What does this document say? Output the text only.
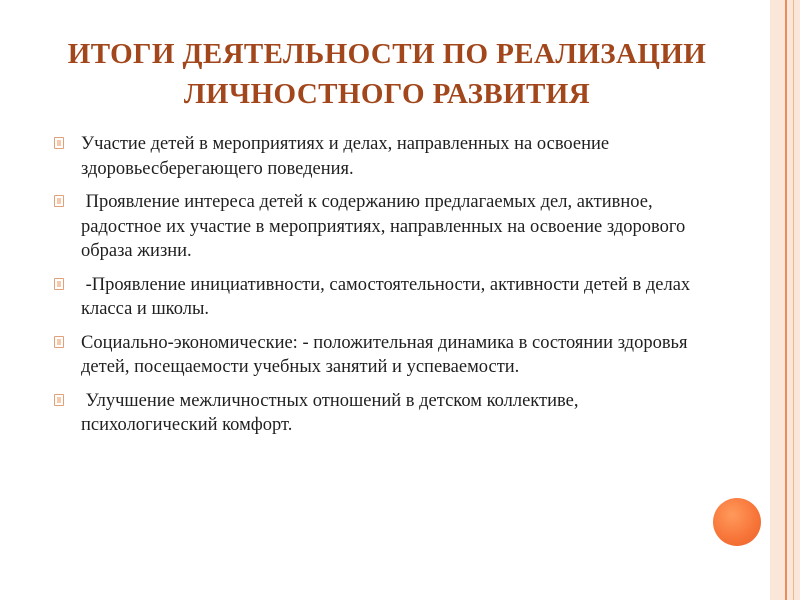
ИТОГИ ДЕЯТЕЛЬНОСТИ ПО РЕАЛИЗАЦИИ ЛИЧНОСТНОГО РАЗВИТИЯ
Участие детей в мероприятиях и делах, направленных на освоение здоровьесберегающего поведения.
Проявление интереса детей к содержанию предлагаемых дел, активное, радостное их участие в мероприятиях, направленных на освоение здорового образа жизни.
-Проявление инициативности, самостоятельности, активности детей в делах  класса и школы.
Социально-экономические: - положительная динамика в состоянии здоровья детей, посещаемости учебных занятий и успеваемости.
Улучшение межличностных отношений в детском коллективе, психологический комфорт.
